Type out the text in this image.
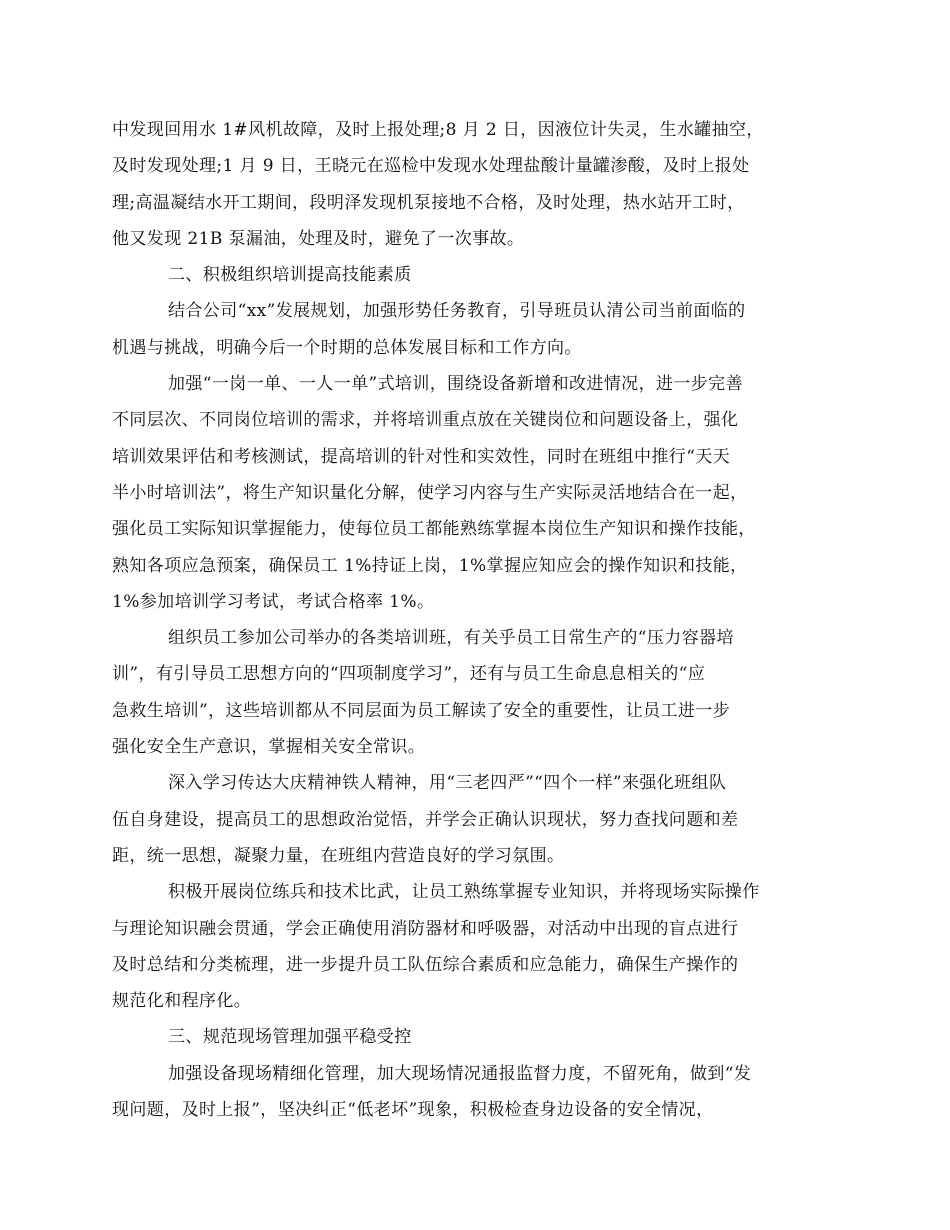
中发现回用水 1#风机故障，及时上报处理;8 月 2 日，因液位计失灵，生水罐抽空，
及时发现处理;1 月 9 日，王晓元在巡检中发现水处理盐酸计量罐渗酸，及时上报处
理;高温凝结水开工期间，段明泽发现机泵接地不合格，及时处理，热水站开工时，
他又发现 21B 泵漏油，处理及时，避免了一次事故。
二、积极组织培训提高技能素质
结合公司“xx”发展规划，加强形势任务教育，引导班员认清公司当前面临的
机遇与挑战，明确今后一个时期的总体发展目标和工作方向。
加强“一岗一单、一人一单”式培训，围绕设备新增和改进情况，进一步完善
不同层次、不同岗位培训的需求，并将培训重点放在关键岗位和问题设备上，强化
培训效果评估和考核测试，提高培训的针对性和实效性，同时在班组中推行“天天
半小时培训法”，将生产知识量化分解，使学习内容与生产实际灵活地结合在一起，
强化员工实际知识掌握能力，使每位员工都能熟练掌握本岗位生产知识和操作技能，
熟知各项应急预案，确保员工 1%持证上岗，1%掌握应知应会的操作知识和技能，
1%参加培训学习考试，考试合格率 1%。
组织员工参加公司举办的各类培训班，有关乎员工日常生产的“压力容器培
训”，有引导员工思想方向的“四项制度学习”，还有与员工生命息息相关的“应
急救生培训”，这些培训都从不同层面为员工解读了安全的重要性，让员工进一步
强化安全生产意识，掌握相关安全常识。
深入学习传达大庆精神铁人精神，用“三老四严”“四个一样”来强化班组队
伍自身建设，提高员工的思想政治觉悟，并学会正确认识现状，努力查找问题和差
距，统一思想，凝聚力量，在班组内营造良好的学习氛围。
积极开展岗位练兵和技术比武，让员工熟练掌握专业知识，并将现场实际操作
与理论知识融会贯通，学会正确使用消防器材和呼吸器，对活动中出现的盲点进行
及时总结和分类梳理，进一步提升员工队伍综合素质和应急能力，确保生产操作的
规范化和程序化。
三、规范现场管理加强平稳受控
加强设备现场精细化管理，加大现场情况通报监督力度，不留死角，做到“发
现问题，及时上报”，坚决纠正“低老坏”现象，积极检查身边设备的安全情况，
